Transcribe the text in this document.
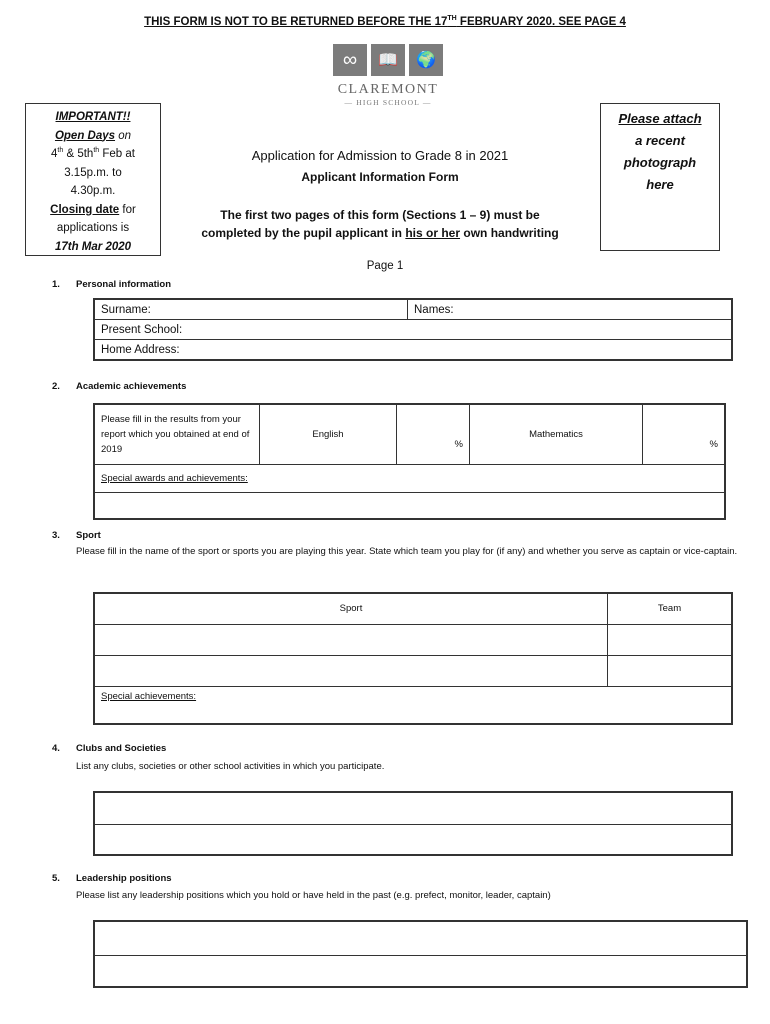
THIS FORM IS NOT TO BE RETURNED BEFORE THE 17TH FEBRUARY 2020. SEE PAGE 4
∞	📖	🌍
CLAREMONT
— HIGH SCHOOL —
IMPORTANT!!
Open Days on
4th & $5th^{th}$ Feb at
3.15p.m. to
4.30p.m.
Closing date for
applications is
17th Mar 2020
Please attach
a recent
photograph
here
Application for Admission to Grade 8 in 2021
Applicant Information Form
The first two pages of this form (Sections 1 – 9) must be
completed by the pupil applicant in his or her own handwriting
Page 1
1. Personal information
Surname:	Names:
Present School:
Home Address:
2. Academic achievements
Please fill in the results from your report which you obtained at end of 2019	English	%	Mathematics	%
Special awards and achievements:

3. Sport
Please fill in the name of the sport or sports you are playing this year. State which team you play for (if any) and whether you serve as captain or vice-captain.
Sport	Team

Special achievements:	
4. Clubs and Societies
List any clubs, societies or other school activities in which you participate.

5. Leadership positions
Please list any leadership positions which you hold or have held in the past (e.g. prefect, monitor, leader, captain)
